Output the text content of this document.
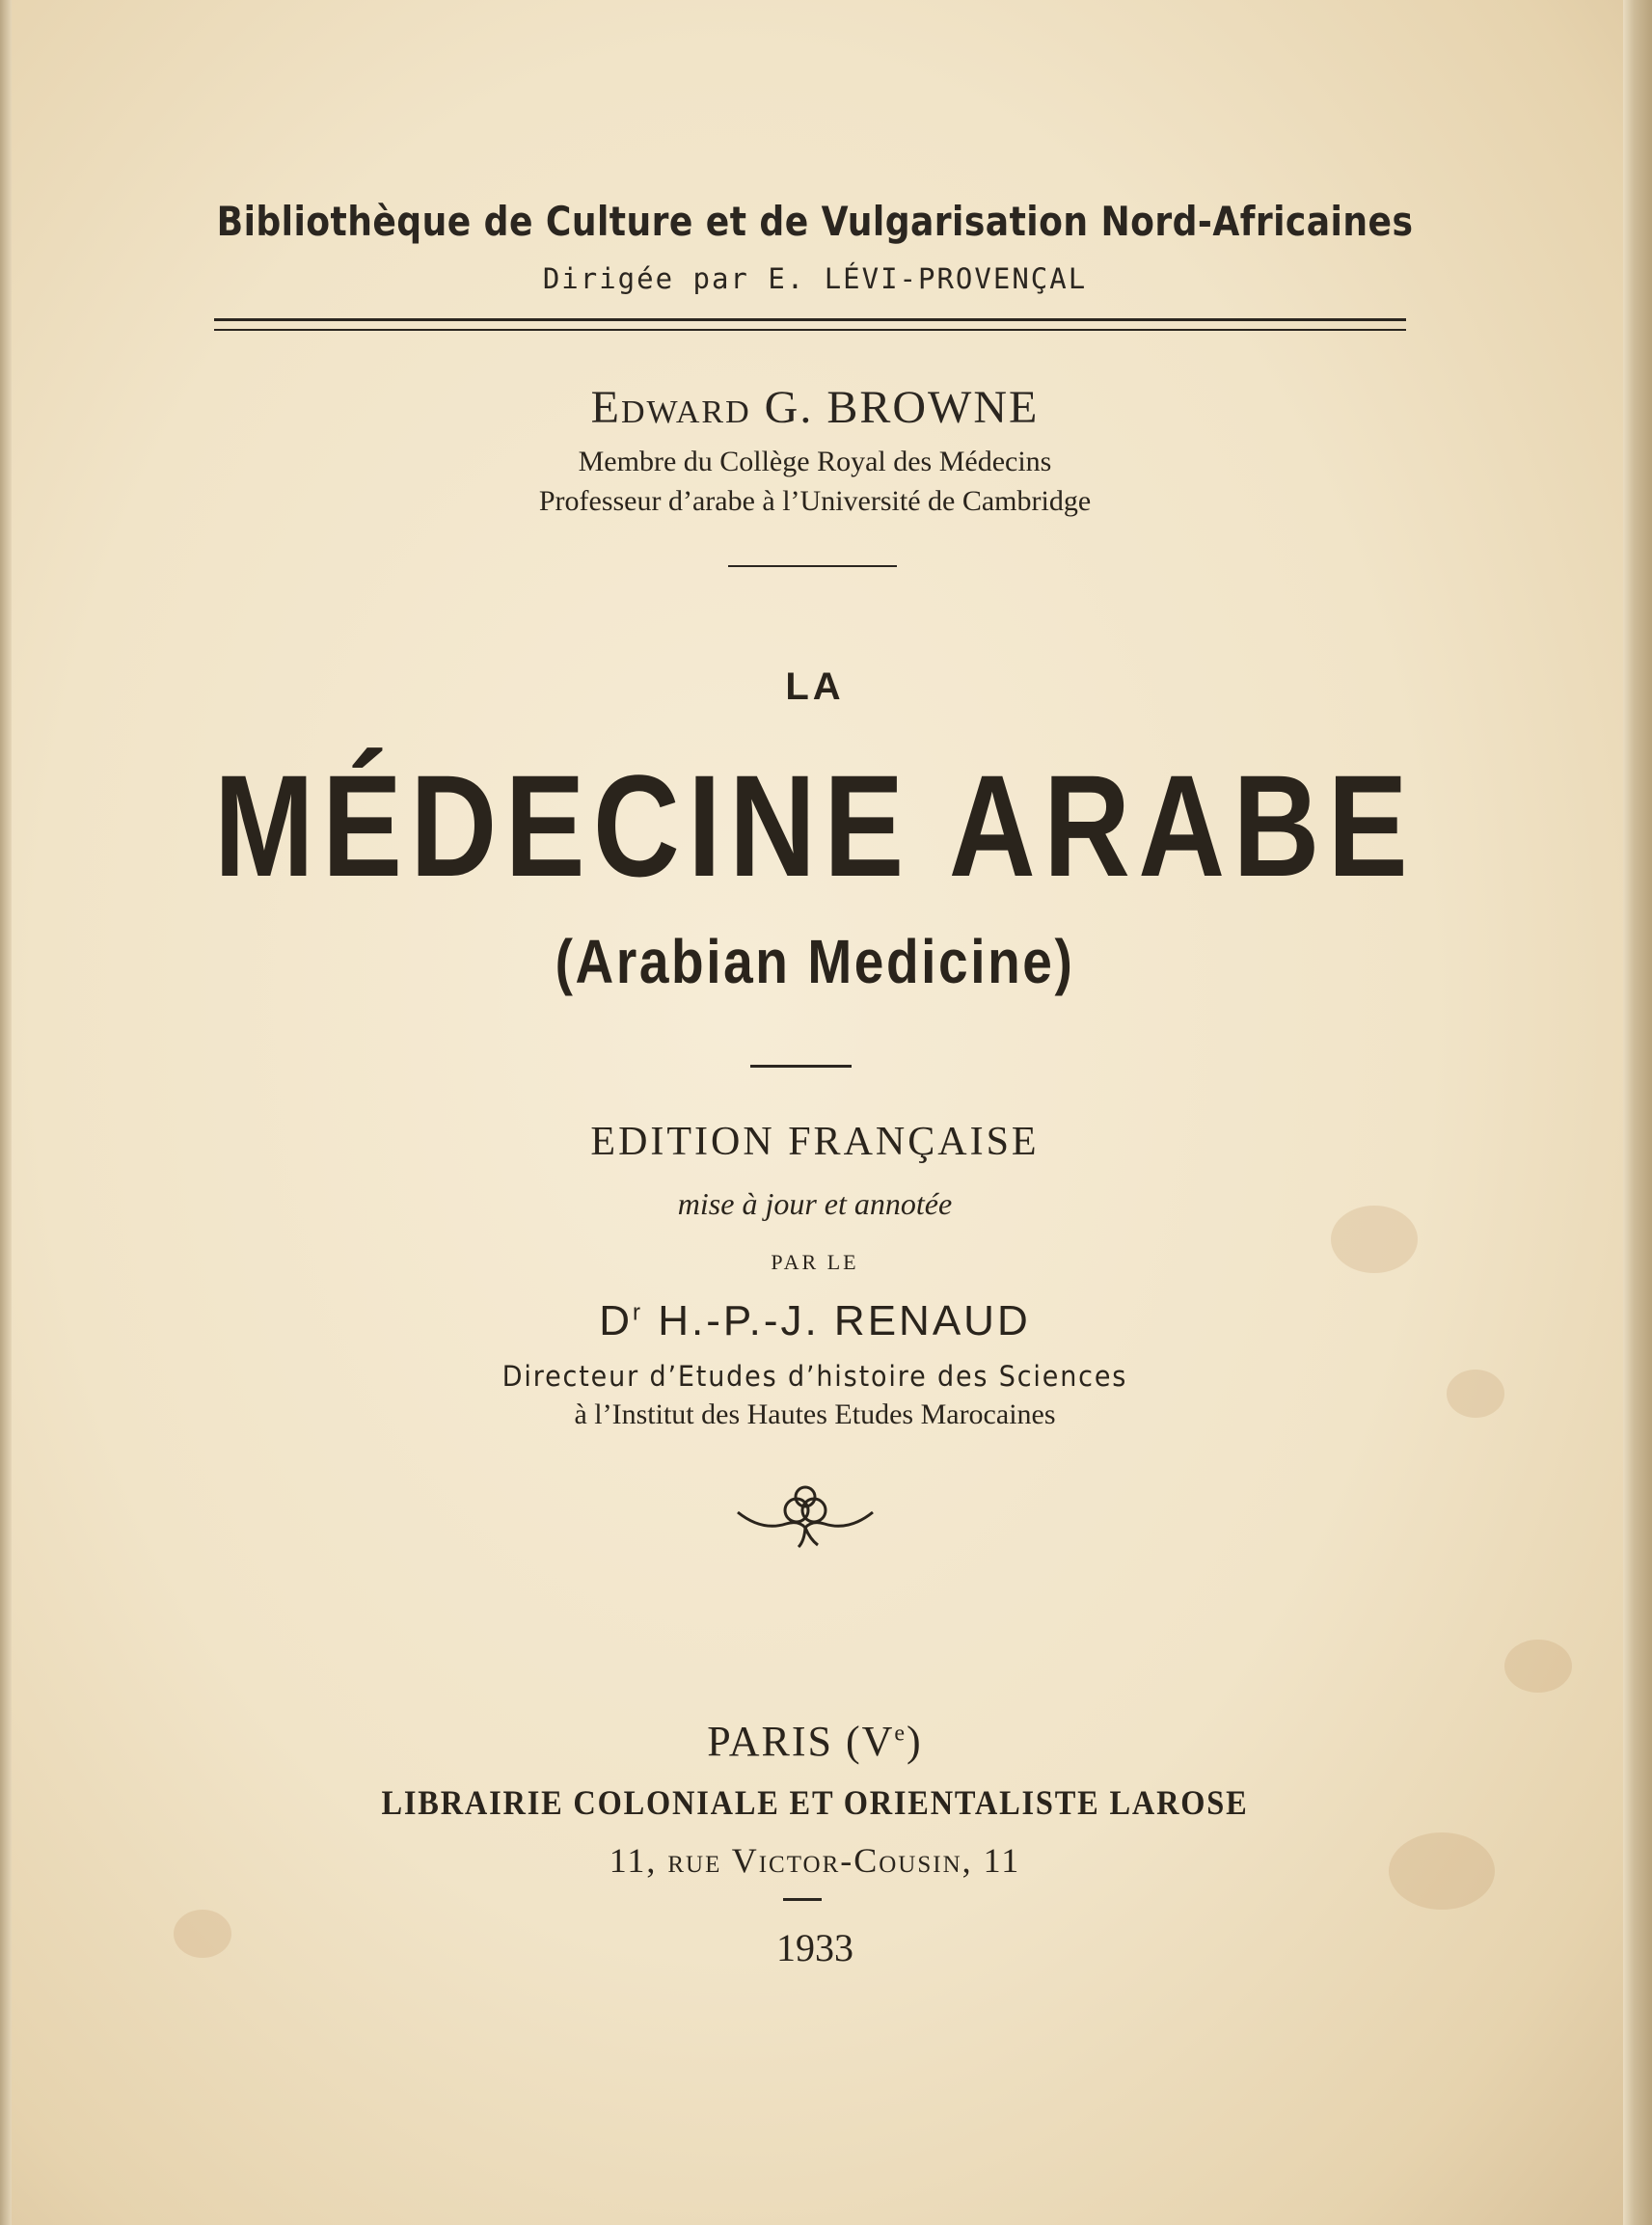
Bibliothèque de Culture et de Vulgarisation Nord-Africaines
Dirigée par E. LÉVI-PROVENÇAL
Edward G. BROWNE
Membre du Collège Royal des Médecins
Professeur d’arabe à l’Université de Cambridge
LA
MÉDECINE ARABE
(Arabian Medicine)
EDITION FRANÇAISE
mise à jour et annotée
PAR LE
$D^r$ H.-P.-J. RENAUD
Directeur d’Etudes d’histoire des Sciences
à l’Institut des Hautes Etudes Marocaines
PARIS (Ve)
LIBRAIRIE COLONIALE ET ORIENTALISTE LAROSE
11, rue Victor-Cousin, 11
1933
